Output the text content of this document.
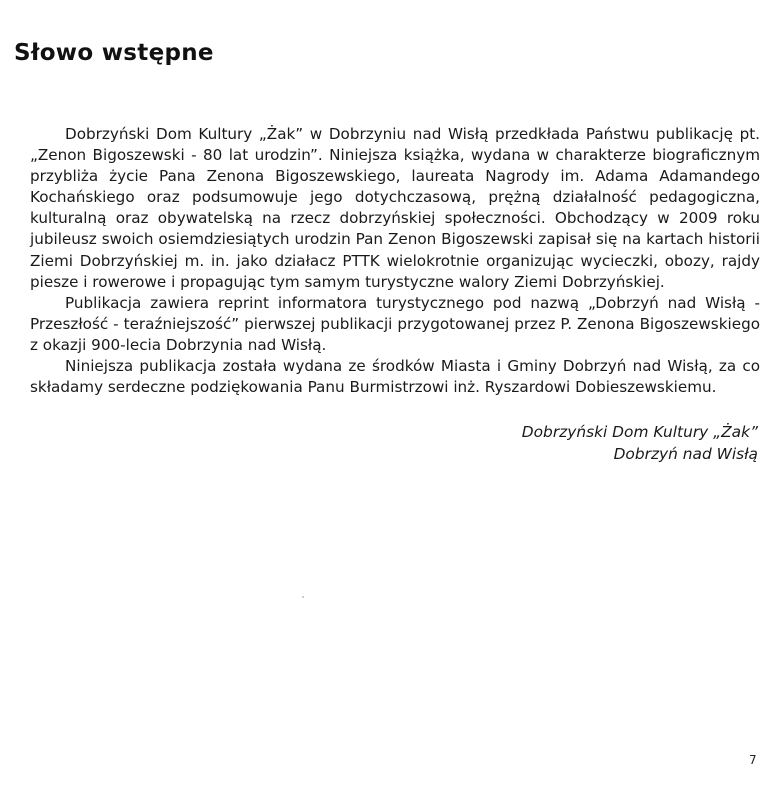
Słowo wstępne

Dobrzyński Dom Kultury „Żak” w Dobrzyniu nad Wisłą przedkłada Państwu publikację pt. „Zenon Bigoszewski - 80 lat urodzin”. Niniejsza książka, wydana w charakterze biograficznym przybliża życie Pana Zenona Bigoszewskiego, laureata Nagrody im. Adama Adamandego Kochańskiego oraz podsumowuje jego dotychczasową, prężną działalność pedagogiczna, kulturalną oraz obywatelską na rzecz dobrzyńskiej społeczności. Obchodzący w 2009 roku jubileusz swoich osiemdziesiątych urodzin Pan Zenon Bigoszewski zapisał się na kartach historii Ziemi Dobrzyńskiej m. in. jako działacz PTTK wielokrotnie organizując wycieczki, obozy, rajdy piesze i rowerowe i propagując tym samym turystyczne walory Ziemi Dobrzyńskiej.

Publikacja zawiera reprint informatora turystycznego pod nazwą „Dobrzyń nad Wisłą - Przeszłość - teraźniejszość” pierwszej publikacji przygotowanej przez P. Zenona Bigoszewskiego z okazji 900-lecia Dobrzynia nad Wisłą.

Niniejsza publikacja została wydana ze środków Miasta i Gminy Dobrzyń nad Wisłą, za co składamy serdeczne podziękowania Panu Burmistrzowi inż. Ryszardowi Dobieszewskiemu.

Dobrzyński Dom Kultury „Żak”
Dobrzyń nad Wisłą
7
